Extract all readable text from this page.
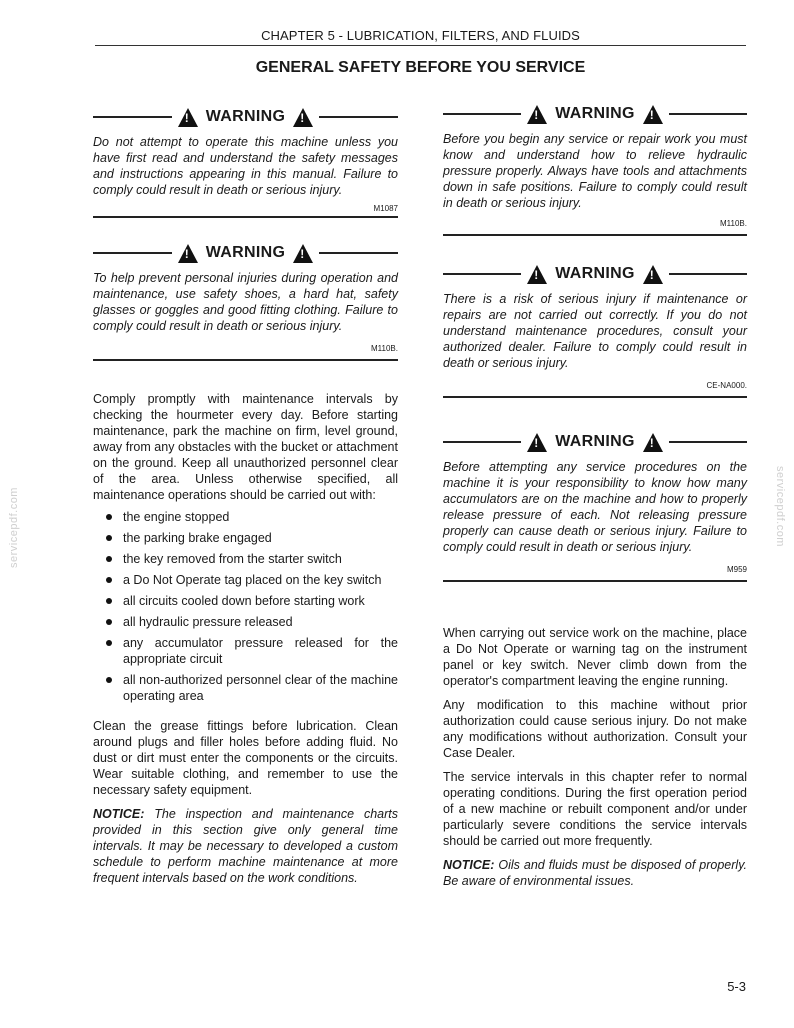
CHAPTER 5 - LUBRICATION, FILTERS, AND FLUIDS
GENERAL SAFETY BEFORE YOU SERVICE
!
WARNING
!
Do not attempt to operate this machine unless you have first read and understand the safety messages and instructions appearing in this manual. Failure to comply could result in death or serious injury.
M1087
!
WARNING
!
To help prevent personal injuries during operation and maintenance, use safety shoes, a hard hat, safety glasses or goggles and good fitting clothing. Failure to comply could result in death or serious injury.
M110B.
Comply promptly with maintenance intervals by checking the hourmeter every day. Before starting maintenance, park the machine on firm, level ground, away from any obstacles with the bucket or attachment on the ground. Keep all unauthorized personnel clear of the area. Unless otherwise specified, all maintenance operations should be carried out with:
the engine stopped
the parking brake engaged
the key removed from the starter switch
a Do Not Operate tag placed on the key switch
all circuits cooled down before starting work
all hydraulic pressure released
any accumulator pressure released for the appropriate circuit
all non-authorized personnel clear of the machine operating area
Clean the grease fittings before lubrication. Clean around plugs and filler holes before adding fluid. No dust or dirt must enter the components or the circuits. Wear suitable clothing, and remember to use the necessary safety equipment.
NOTICE: The inspection and maintenance charts provided in this section give only general time intervals. It may be necessary to developed a custom schedule to perform machine maintenance at more frequent intervals based on the work conditions.
!
WARNING
!
Before you begin any service or repair work you must know and understand how to relieve hydraulic pressure properly. Always have tools and attachments down in safe positions. Failure to comply could result in death or serious injury.
M110B.
!
WARNING
!
There is a risk of serious injury if maintenance or repairs are not carried out correctly. If you do not understand maintenance procedures, consult your authorized dealer. Failure to comply could result in death or serious injury.
CE-NA000.
!
WARNING
!
Before attempting any service procedures on the machine it is your responsibility to know how many accumulators are on the machine and how to properly release pressure of each. Not releasing pressure properly can cause death or serious injury. Failure to comply could result in death or serious injury.
M959
When carrying out service work on the machine, place a Do Not Operate or warning tag on the instrument panel or key switch. Never climb down from the operator's compartment leaving the engine running.
Any modification to this machine without prior authorization could cause serious injury. Do not make any modifications without authorization. Consult your Case Dealer.
The service intervals in this chapter refer to normal operating conditions. During the first operation period of a new machine or rebuilt component and/or under particularly severe conditions the service intervals should be carried out more frequently.
NOTICE: Oils and fluids must be disposed of properly. Be aware of environmental issues.
servicepdf.com	servicepdf.com
5-3
